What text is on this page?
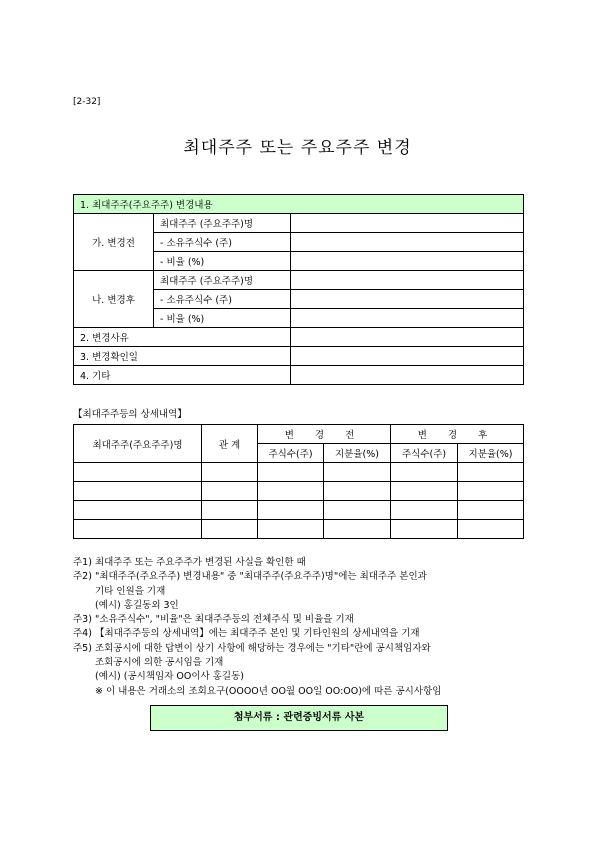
[2-32]
최대주주 또는 주요주주 변경
1. 최대주주(주요주주) 변경내용		
가. 변경전	최대주주 (주요주주)명	
	- 소유주식수 (주)	
	- 비율 (%)	
나. 변경후	최대주주 (주요주주)명	
	- 소유주식수 (주)	
	- 비율 (%)	
2. 변경사유		
3. 변경확인일		
4. 기타		
【최대주주등의 상세내역】
최대주주(주요주주)명	관 계	변 경 전		변 경 후	
		주식수(주)	지분율(%)	주식수(주)	지분율(%)

주1) 최대주주 또는 주요주주가 변경된 사실을 확인한 때
주2) "최대주주(주요주주) 변경내용" 중 "최대주주(주요주주)명"에는 최대주주 본인과
기타 인원을 기재
(예시) 홍길동외 3인
주3) "소유주식수", "비율"은 최대주주등의 전체주식 및 비율을 기재
주4) 【최대주주등의 상세내역】에는 최대주주 본인 및 기타인원의 상세내역을 기재
주5) 조회공시에 대한 답변이 상기 사항에 해당하는 경우에는 "기타"란에 공시책임자와
조회공시에 의한 공시임을 기재
(예시) (공시책임자 OO이사 홍길동)
※ 이 내용은 거래소의 조회요구(OOOO년 OO월 OO일 OO:OO)에 따른 공시사항임
첨부서류 : 관련증빙서류 사본
